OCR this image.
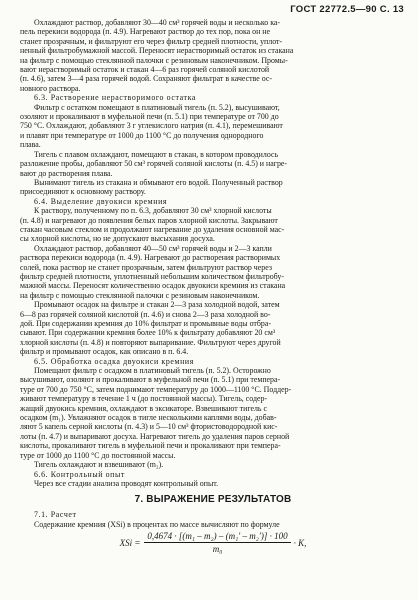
ГОСТ 22772.5—90 С. 13

Охлаждают раствор, добавляют 30—40 см³ горячей воды и несколько ка-

пель перекиси водорода (п. 4.9). Нагревают раствор до тех пор, пока он не

станет прозрачным, и фильтруют его через фильтр средней плотности, уплот-

ненный фильтробумажной массой. Переносят нерастворимый остаток из стакана

на фильтр с помощью стеклянной палочки с резиновым наконечником. Промы-

вают нерастворимый остаток и стакан 4—6 раз горячей соляной кислотой

(п. 4.6), затем 3—4 раза горячей водой. Сохраняют фильтрат в качестве ос-

новного раствора.

6.3. Растворение нерастворимого остатка

Фильтр с остатком помещают в платиновый тигель (п. 5.2), высушивают,

озоляют и прокаливают в муфельной печи (п. 5.1) при температуре от 700 до

750 °С. Охлаждают, добавляют 3 г углекислого натрия (п. 4.1), перемешивают

и плавят при температуре от 1000 до 1100 °С до получения однородного

плава.

Тигель с плавом охлаждают, помещают в стакан, в котором проводилось

разложение пробы, добавляют 50 см³ горячей соляной кислоты (п. 4.5) и нагре-

вают до растворения плава.

Вынимают тигель из стакана и обмывают его водой. Полученный раствор

присоединяют к основному раствору.

6.4. Выделение двуокиси кремния

К раствору, полученному по п. 6.3, добавляют 30 см³ хлорной кислоты

(п. 4.8) и нагревают до появления белых паров хлорной кислоты. Закрывают

стакан часовым стеклом и продолжают нагревание до удаления основной мас-

сы хлорной кислоты, но не допускают высыхания досуха.

Охлаждают раствор, добавляют 40—50 см³ горячей воды и 2—3 капли

раствора перекиси водорода (п. 4.9). Нагревают до растворения растворимых

солей, пока раствор не станет прозрачным, затем фильтруют раствор через

фильтр средней плотности, уплотненный небольшим количеством фильтробу-

мажной массы. Переносят количественно осадок двуокиси кремния из стакана

на фильтр с помощью стеклянной палочки с резиновым наконечником.

Промывают осадок на фильтре и стакан 2—3 раза холодной водой, затем

6—8 раз горячей соляной кислотой (п. 4.6) и снова 2—3 раза холодной во-

дой. При содержании кремния до 10% фильтрат и промывные воды отбра-

сывают. При содержании кремния более 10% к фильтрату добавляют 20 см³

хлорной кислоты (п. 4.8) и повторяют выпаривание. Фильтруют через другой

фильтр и промывают осадок, как описано в п. 6.4.

6.5. Обработка осадка двуокиси кремния

Помещают фильтр с осадком в платиновый тигель (п. 5.2). Осторожно

высушивают, озоляют и прокаливают в муфельной печи (п. 5.1) при темпера-

туре от 700 до 750 °С, затем поднимают температуру до 1000—1100 °С. Поддер-

живают температуру в течение 1 ч (до постоянной массы). Тигель, содер-

жащий двуокись кремния, охлаждают в эксикаторе. Взвешивают тигель с

осадком (m₁). Увлажняют осадок в тигле несколькими каплями воды, добав-

ляют 5 капель серной кислоты (п. 4.3) и 5—10 см³ фтористоводородной кис-

лоты (п. 4.7) и выпаривают досуха. Нагревают тигель до удаления паров серной

кислоты, прокаливают тигель в муфельной печи и прокаливают при темпера-

туре от 1000 до 1100 °С до постоянной массы.

Тигель охлаждают и взвешивают (m₂).

6.6. Контрольный опыт

Через все стадии анализа проводят контрольный опыт.

7. ВЫРАЖЕНИЕ РЕЗУЛЬТАТОВ

7.1. Расчет

Содержание кремния (XSi) в процентах по массе вычисляют по формуле

XSi = $\frac{\text{0,4674 · [(m₁ – m₂) – (m₁′ – m₂′)] · 100}}{\text{m₀}} \cdot K$,
